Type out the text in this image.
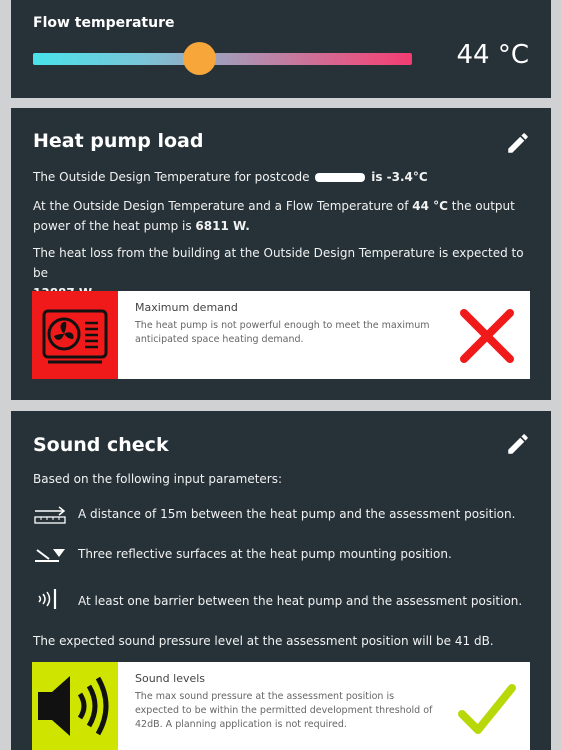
Flow temperature
44 °C
Heat pump load
The Outside Design Temperature for postcode	is -3.4°C
At the Outside Design Temperature and a Flow Temperature of 44 °C the output power of the heat pump is 6811 W.
The heat loss from the building at the Outside Design Temperature is expected to be

Maximum demand
The heat pump is not powerful enough to meet the maximum anticipated space heating demand.
Sound check
Based on the following input parameters:
A distance of 15m between the heat pump and the assessment position.
Three reflective surfaces at the heat pump mounting position.
At least one barrier between the heat pump and the assessment position.
The expected sound pressure level at the assessment position will be 41 dB.
Sound levels
The max sound pressure at the assessment position is expected to be within the permitted development threshold of 42dB. A planning application is not required.
